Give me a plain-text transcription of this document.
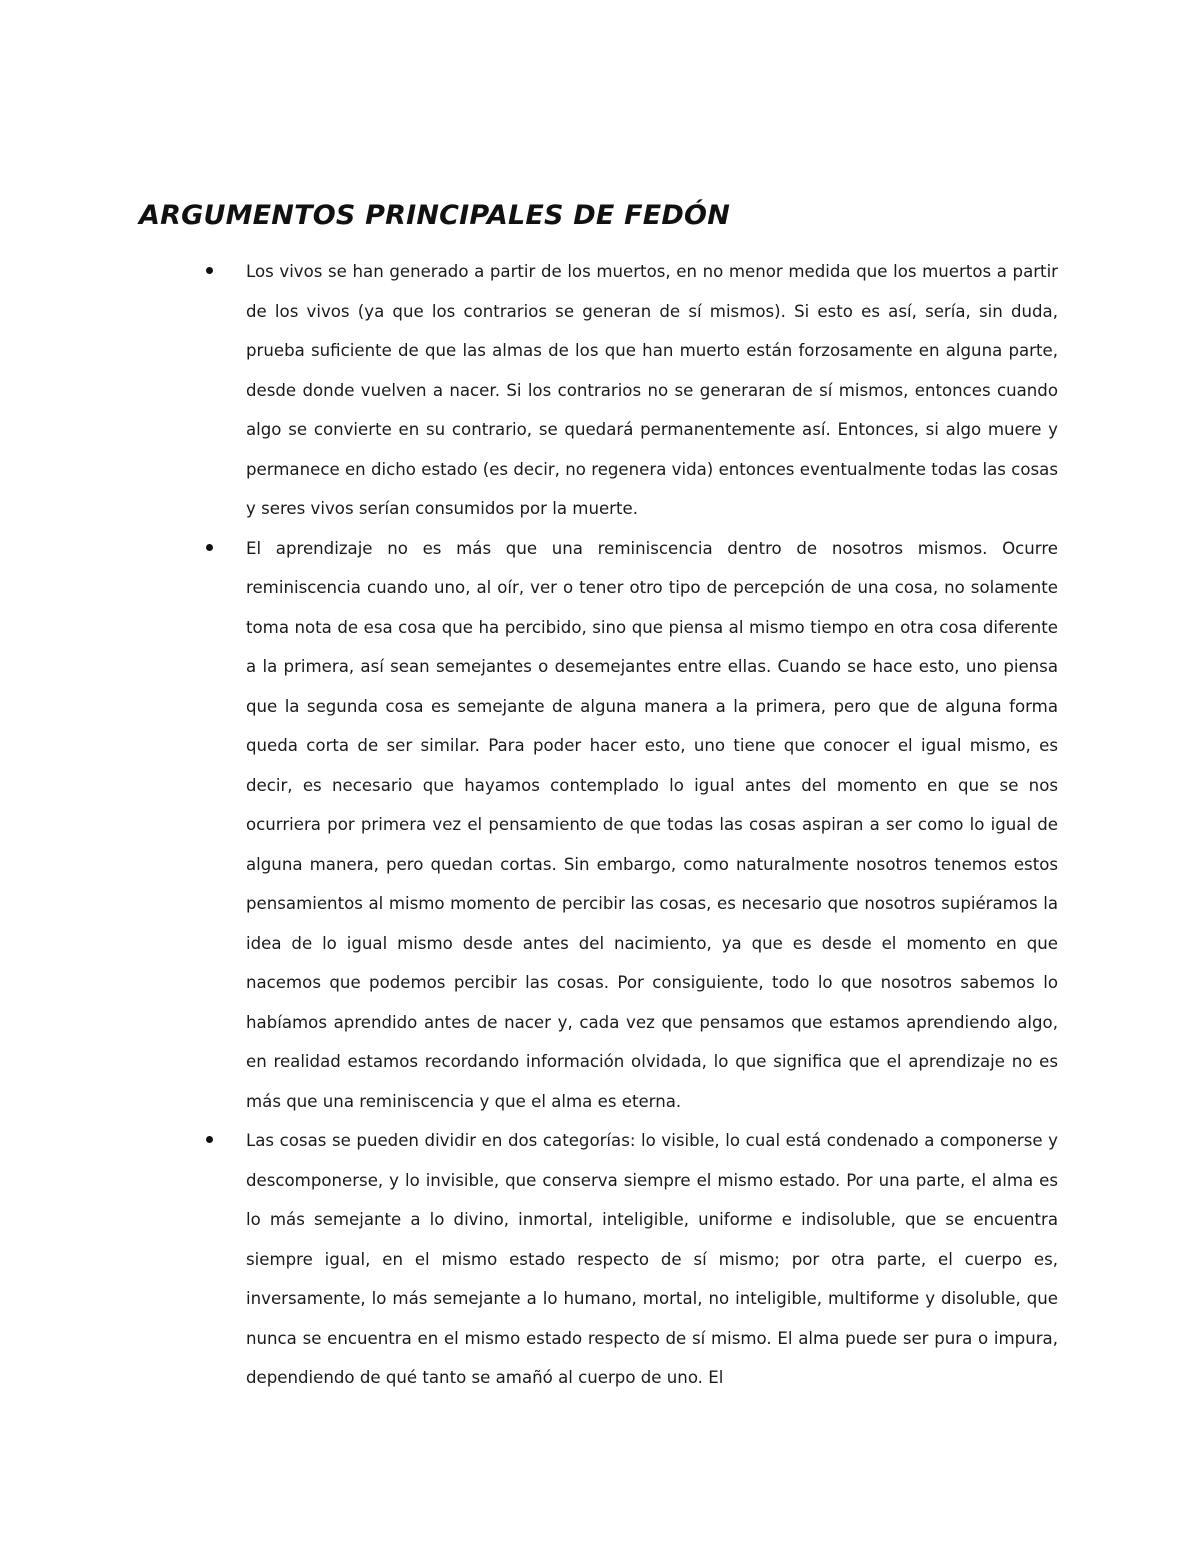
ARGUMENTOS PRINCIPALES DE FEDÓN
Los vivos se han generado a partir de los muertos, en no menor medida que los muertos a partir de los vivos (ya que los contrarios se generan de sí mismos). Si esto es así, sería, sin duda, prueba suficiente de que las almas de los que han muerto están forzosamente en alguna parte, desde donde vuelven a nacer. Si los contrarios no se generaran de sí mismos, entonces cuando algo se convierte en su contrario, se quedará permanentemente así. Entonces, si algo muere y permanece en dicho estado (es decir, no regenera vida) entonces eventualmente todas las cosas y seres vivos serían consumidos por la muerte.
El aprendizaje no es más que una reminiscencia dentro de nosotros mismos. Ocurre reminiscencia cuando uno, al oír, ver o tener otro tipo de percepción de una cosa, no solamente toma nota de esa cosa que ha percibido, sino que piensa al mismo tiempo en otra cosa diferente a la primera, así sean semejantes o desemejantes entre ellas. Cuando se hace esto, uno piensa que la segunda cosa es semejante de alguna manera a la primera, pero que de alguna forma queda corta de ser similar. Para poder hacer esto, uno tiene que conocer el igual mismo, es decir, es necesario que hayamos contemplado lo igual antes del momento en que se nos ocurriera por primera vez el pensamiento de que todas las cosas aspiran a ser como lo igual de alguna manera, pero quedan cortas. Sin embargo, como naturalmente nosotros tenemos estos pensamientos al mismo momento de percibir las cosas, es necesario que nosotros supiéramos la idea de lo igual mismo desde antes del nacimiento, ya que es desde el momento en que nacemos que podemos percibir las cosas. Por consiguiente, todo lo que nosotros sabemos lo habíamos aprendido antes de nacer y, cada vez que pensamos que estamos aprendiendo algo, en realidad estamos recordando información olvidada, lo que significa que el aprendizaje no es más que una reminiscencia y que el alma es eterna.
Las cosas se pueden dividir en dos categorías: lo visible, lo cual está condenado a componerse y descomponerse, y lo invisible, que conserva siempre el mismo estado. Por una parte, el alma es lo más semejante a lo divino, inmortal, inteligible, uniforme e indisoluble, que se encuentra siempre igual, en el mismo estado respecto de sí mismo; por otra parte, el cuerpo es, inversamente, lo más semejante a lo humano, mortal, no inteligible, multiforme y disoluble, que nunca se encuentra en el mismo estado respecto de sí mismo. El alma puede ser pura o impura, dependiendo de qué tanto se amañó al cuerpo de uno. El
